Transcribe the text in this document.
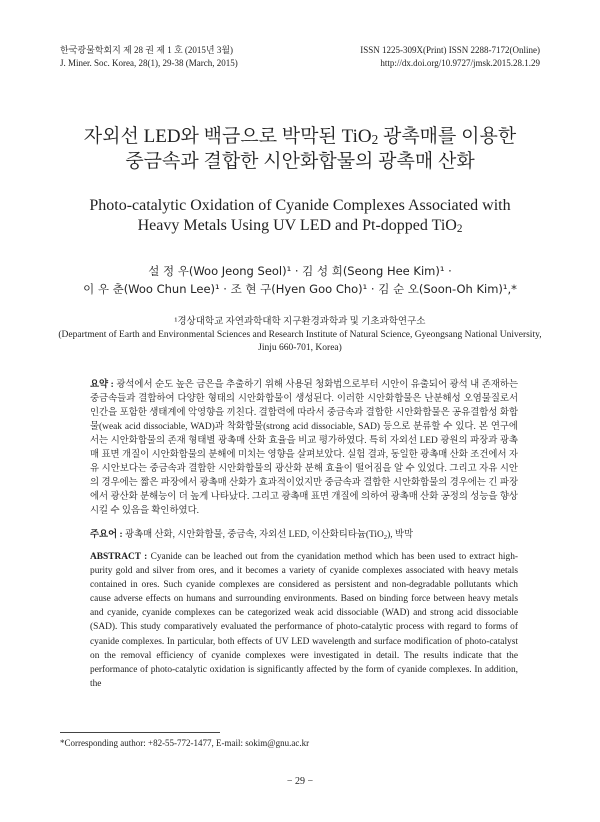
한국광물학회지 제 28 권 제 1 호 (2015년 3월)
J. Miner. Soc. Korea, 28(1), 29-38 (March, 2015)
ISSN 1225-309X(Print) ISSN 2288-7172(Online)
http://dx.doi.org/10.9727/jmsk.2015.28.1.29
자외선 LED와 백금으로 박막된 TiO$_2$ 광촉매를 이용한
중금속과 결합한 시안화합물의 광촉매 산화
Photo-catalytic Oxidation of Cyanide Complexes Associated with
Heavy Metals Using UV LED and Pt-dopped TiO$_2$
설 정 우(Woo Jeong Seol)¹ · 김 성 희(Seong Hee Kim)¹ ·
이 우 춘(Woo Chun Lee)¹ · 조 현 구(Hyen Goo Cho)¹ · 김 순 오(Soon-Oh Kim)¹,*
¹경상대학교 자연과학대학 지구환경과학과 및 기초과학연구소
(Department of Earth and Environmental Sciences and Research Institute of Natural Science, Gyeongsang National University, Jinju 660-701, Korea)
요약 : 광석에서 순도 높은 금은을 추출하기 위해 사용된 청화법으로부터 시안이 유출되어 광석 내 존재하는 중금속들과 결합하여 다양한 형태의 시안화합물이 생성된다. 이러한 시안화합물은 난분해성 오염물질로서 인간을 포함한 생태계에 악영향을 끼친다. 결합력에 따라서 중금속과 결합한 시안화합물은 공유결합성 화합물(weak acid dissociable, WAD)과 착화합물(strong acid dissociable, SAD) 등으로 분류할 수 있다. 본 연구에서는 시안화합물의 존재 형태별 광촉매 산화 효율을 비교 평가하였다. 특히 자외선 LED 광원의 파장과 광촉매 표면 개질이 시안화합물의 분해에 미치는 영향을 살펴보았다. 실험 결과, 동일한 광촉매 산화 조건에서 자유 시안보다는 중금속과 결합한 시안화합물의 광산화 분해 효율이 떨어짐을 알 수 있었다. 그리고 자유 시안의 경우에는 짧은 파장에서 광촉매 산화가 효과적이었지만 중금속과 결합한 시안화합물의 경우에는 긴 파장에서 광산화 분해능이 더 높게 나타났다. 그리고 광촉매 표면 개질에 의하여 광촉매 산화 공정의 성능을 향상시킬 수 있음을 확인하였다.
주요어 : 광촉매 산화, 시안화합물, 중금속, 자외선 LED, 이산화티타늄(TiO$_2$), 박막
ABSTRACT : Cyanide can be leached out from the cyanidation method which has been used to extract high-purity gold and silver from ores, and it becomes a variety of cyanide complexes associated with heavy metals contained in ores. Such cyanide complexes are considered as persistent and non-degradable pollutants which cause adverse effects on humans and surrounding environments. Based on binding force between heavy metals and cyanide, cyanide complexes can be categorized weak acid dissociable (WAD) and strong acid dissociable (SAD). This study comparatively evaluated the performance of photo-catalytic process with regard to forms of cyanide complexes. In particular, both effects of UV LED wavelength and surface modification of photo-catalyst on the removal efficiency of cyanide complexes were investigated in detail. The results indicate that the performance of photo-catalytic oxidation is significantly affected by the form of cyanide complexes. In addition, the
*Corresponding author: +82-55-772-1477, E-mail: sokim@gnu.ac.kr
− 29 −
